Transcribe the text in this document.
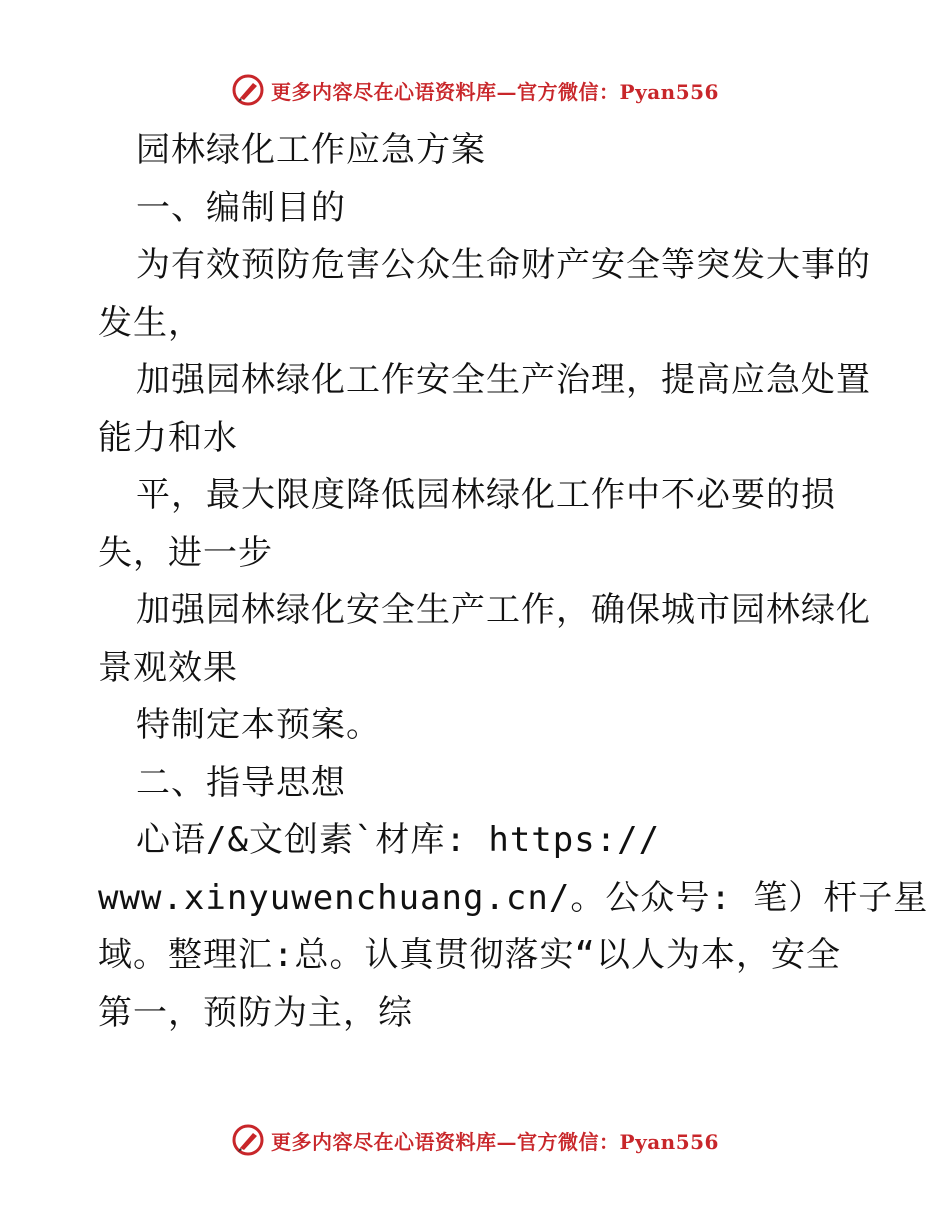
更多内容尽在心语资料库—官方微信：Pyan556
园林绿化工作应急方案
一、编制目的
为有效预防危害公众生命财产安全等突发大事的
发生，
加强园林绿化工作安全生产治理，提高应急处置
能力和水
平，最大限度降低园林绿化工作中不必要的损
失，进一步
加强园林绿化安全生产工作，确保城市园林绿化
景观效果
特制定本预案。
二、指导思想
心语/&文创素`材库: https://
www.xinyuwenchuang.cn/。公众号: 笔）杆子星
域。整理汇:总。认真贯彻落实“以人为本，安全
第一，预防为主，综
更多内容尽在心语资料库—官方微信：Pyan556
